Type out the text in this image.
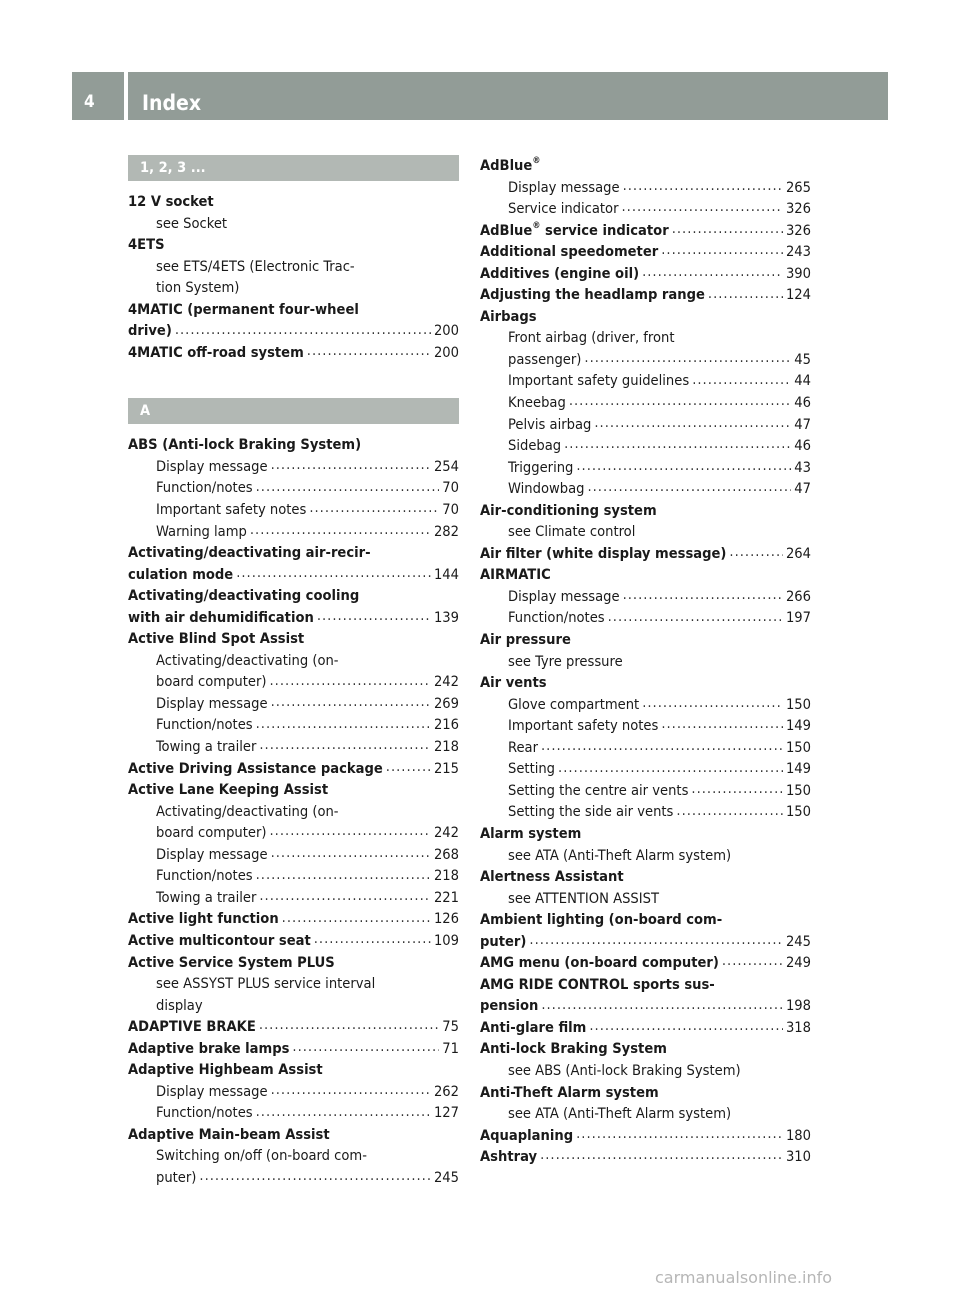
4	Index
1, 2, 3 ...
12 V socket
see Socket
4ETS
see ETS/4ETS (Electronic Trac-
tion System)
4MATIC (permanent four-wheel
drive) .....	200
4MATIC off-road system .....	200
A
ABS (Anti-lock Braking System)
Display message .....	254
Function/notes .....	70
Important safety notes .....	70
Warning lamp .....	282
Activating/deactivating air-recir-
culation mode .....	144
Activating/deactivating cooling
with air dehumidification .....	139
Active Blind Spot Assist
Activating/deactivating (on-
board computer) .....	242
Display message .....	269
Function/notes .....	216
Towing a trailer .....	218
Active Driving Assistance package .....	215
Active Lane Keeping Assist
Activating/deactivating (on-
board computer) .....	242
Display message .....	268
Function/notes .....	218
Towing a trailer .....	221
Active light function .....	126
Active multicontour seat .....	109
Active Service System PLUS
see ASSYST PLUS service interval
display
ADAPTIVE BRAKE .....	75
Adaptive brake lamps .....	71
Adaptive Highbeam Assist
Display message .....	262
Function/notes .....	127
Adaptive Main-beam Assist
Switching on/off (on-board com-
puter) .....	245
AdBlue®
Display message .....	265
Service indicator .....	326
AdBlue® service indicator .....	326
Additional speedometer .....	243
Additives (engine oil) .....	390
Adjusting the headlamp range .....	124
Airbags
Front airbag (driver, front
passenger) .....	45
Important safety guidelines .....	44
Kneebag .....	46
Pelvis airbag .....	47
Sidebag .....	46
Triggering .....	43
Windowbag .....	47
Air-conditioning system
see Climate control
Air filter (white display message) .....	264
AIRMATIC
Display message .....	266
Function/notes .....	197
Air pressure
see Tyre pressure
Air vents
Glove compartment .....	150
Important safety notes .....	149
Rear .....	150
Setting .....	149
Setting the centre air vents .....	150
Setting the side air vents .....	150
Alarm system
see ATA (Anti-Theft Alarm system)
Alertness Assistant
see ATTENTION ASSIST
Ambient lighting (on-board com-
puter) .....	245
AMG menu (on-board computer) .....	249
AMG RIDE CONTROL sports sus-
pension .....	198
Anti-glare film .....	318
Anti-lock Braking System
see ABS (Anti-lock Braking System)
Anti-Theft Alarm system
see ATA (Anti-Theft Alarm system)
Aquaplaning .....	180
Ashtray .....	310
carmanualsonline.info
